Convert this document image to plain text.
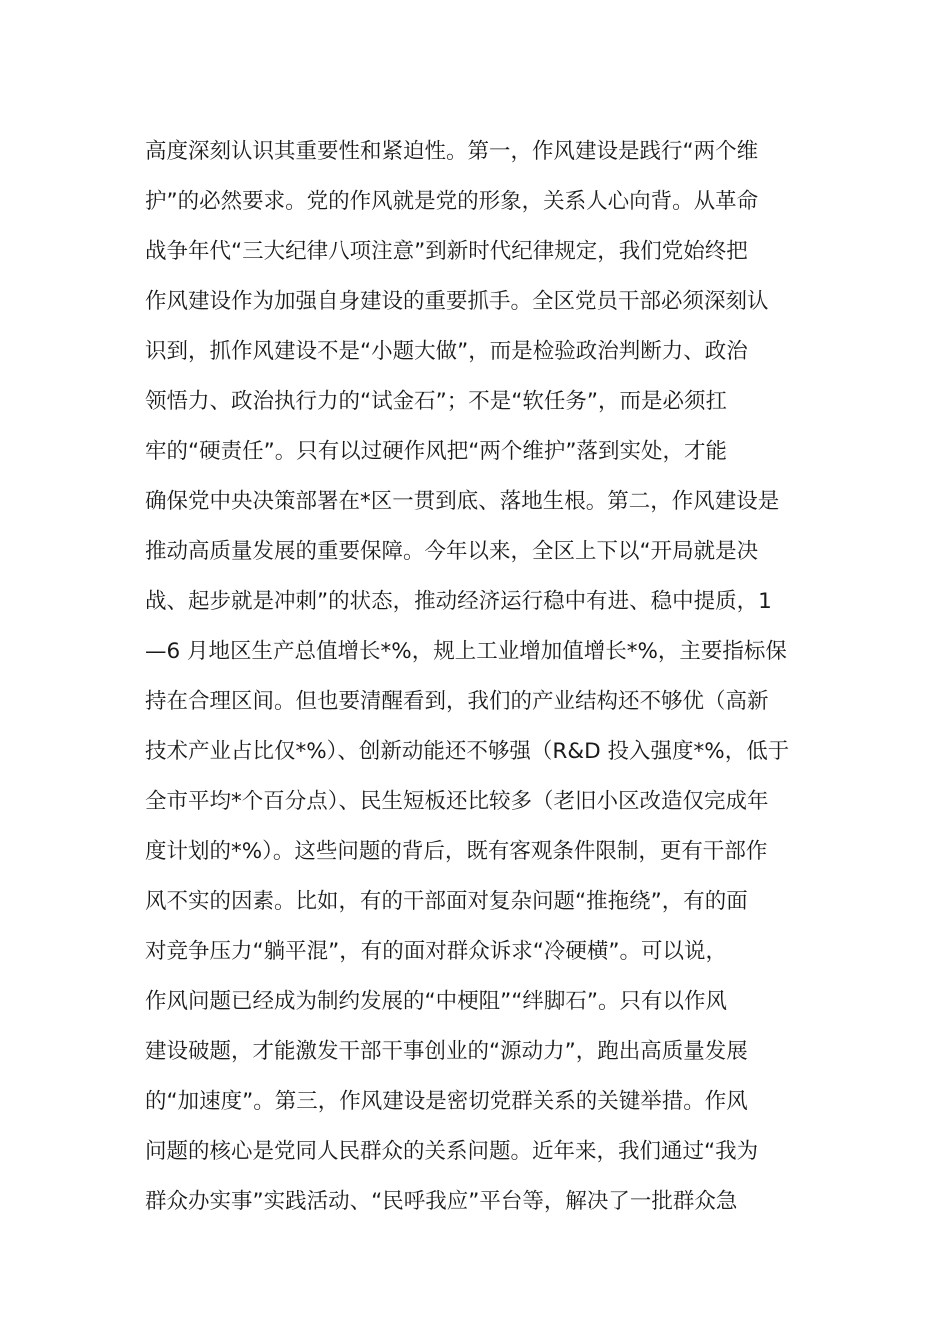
高度深刻认识其重要性和紧迫性。第一，作风建设是践行“两个维
护”的必然要求。党的作风就是党的形象，关系人心向背。从革命
战争年代“三大纪律八项注意”到新时代纪律规定，我们党始终把
作风建设作为加强自身建设的重要抓手。全区党员干部必须深刻认
识到，抓作风建设不是“小题大做”，而是检验政治判断力、政治
领悟力、政治执行力的“试金石”；不是“软任务”，而是必须扛
牢的“硬责任”。只有以过硬作风把“两个维护”落到实处，才能
确保党中央决策部署在*区一贯到底、落地生根。第二，作风建设是
推动高质量发展的重要保障。今年以来，全区上下以“开局就是决
战、起步就是冲刺”的状态，推动经济运行稳中有进、稳中提质，1
—6 月地区生产总值增长*%，规上工业增加值增长*%，主要指标保
持在合理区间。但也要清醒看到，我们的产业结构还不够优（高新
技术产业占比仅*%）、创新动能还不够强（R&D 投入强度*%，低于
全市平均*个百分点）、民生短板还比较多（老旧小区改造仅完成年
度计划的*%）。这些问题的背后，既有客观条件限制，更有干部作
风不实的因素。比如，有的干部面对复杂问题“推拖绕”，有的面
对竞争压力“躺平混”，有的面对群众诉求“冷硬横”。可以说，
作风问题已经成为制约发展的“中梗阻”“绊脚石”。只有以作风
建设破题，才能激发干部干事创业的“源动力”，跑出高质量发展
的“加速度”。第三，作风建设是密切党群关系的关键举措。作风
问题的核心是党同人民群众的关系问题。近年来，我们通过“我为
群众办实事”实践活动、“民呼我应”平台等，解决了一批群众急
